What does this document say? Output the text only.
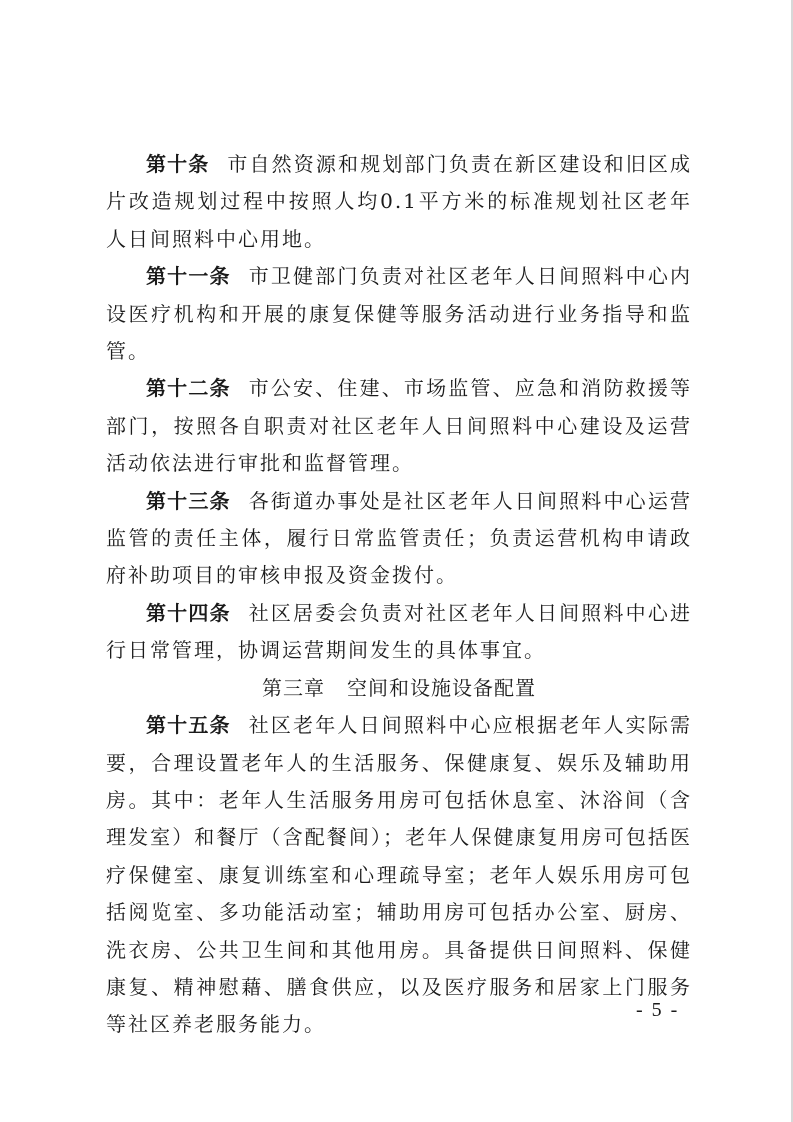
第十条 市自然资源和规划部门负责在新区建设和旧区成片改造规划过程中按照人均0.1平方米的标准规划社区老年人日间照料中心用地。

第十一条 市卫健部门负责对社区老年人日间照料中心内设医疗机构和开展的康复保健等服务活动进行业务指导和监管。

第十二条 市公安、住建、市场监管、应急和消防救援等部门，按照各自职责对社区老年人日间照料中心建设及运营活动依法进行审批和监督管理。

第十三条 各街道办事处是社区老年人日间照料中心运营监管的责任主体，履行日常监管责任；负责运营机构申请政府补助项目的审核申报及资金拨付。

第十四条 社区居委会负责对社区老年人日间照料中心进行日常管理，协调运营期间发生的具体事宜。

第三章 空间和设施设备配置

第十五条 社区老年人日间照料中心应根据老年人实际需要，合理设置老年人的生活服务、保健康复、娱乐及辅助用房。其中：老年人生活服务用房可包括休息室、沐浴间（含理发室）和餐厅（含配餐间）；老年人保健康复用房可包括医疗保健室、康复训练室和心理疏导室；老年人娱乐用房可包括阅览室、多功能活动室；辅助用房可包括办公室、厨房、洗衣房、公共卫生间和其他用房。具备提供日间照料、保健康复、精神慰藉、膳食供应，以及医疗服务和居家上门服务等社区养老服务能力。

- 5 -
